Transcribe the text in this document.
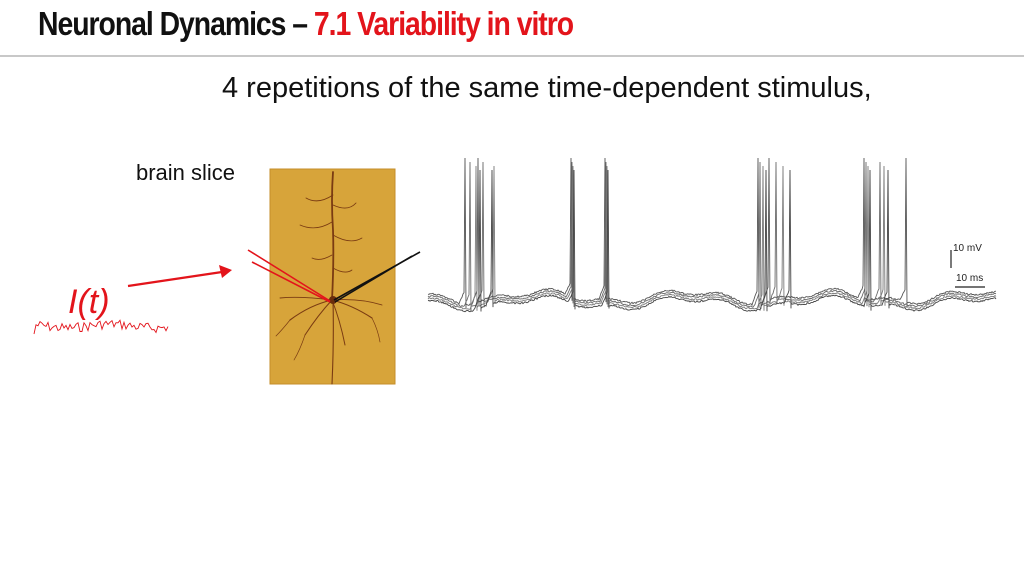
Neuronal Dynamics – 7.1 Variability in vitro
4 repetitions of the same time-dependent stimulus,
brain slice
I(t)
10 mV
10 ms
